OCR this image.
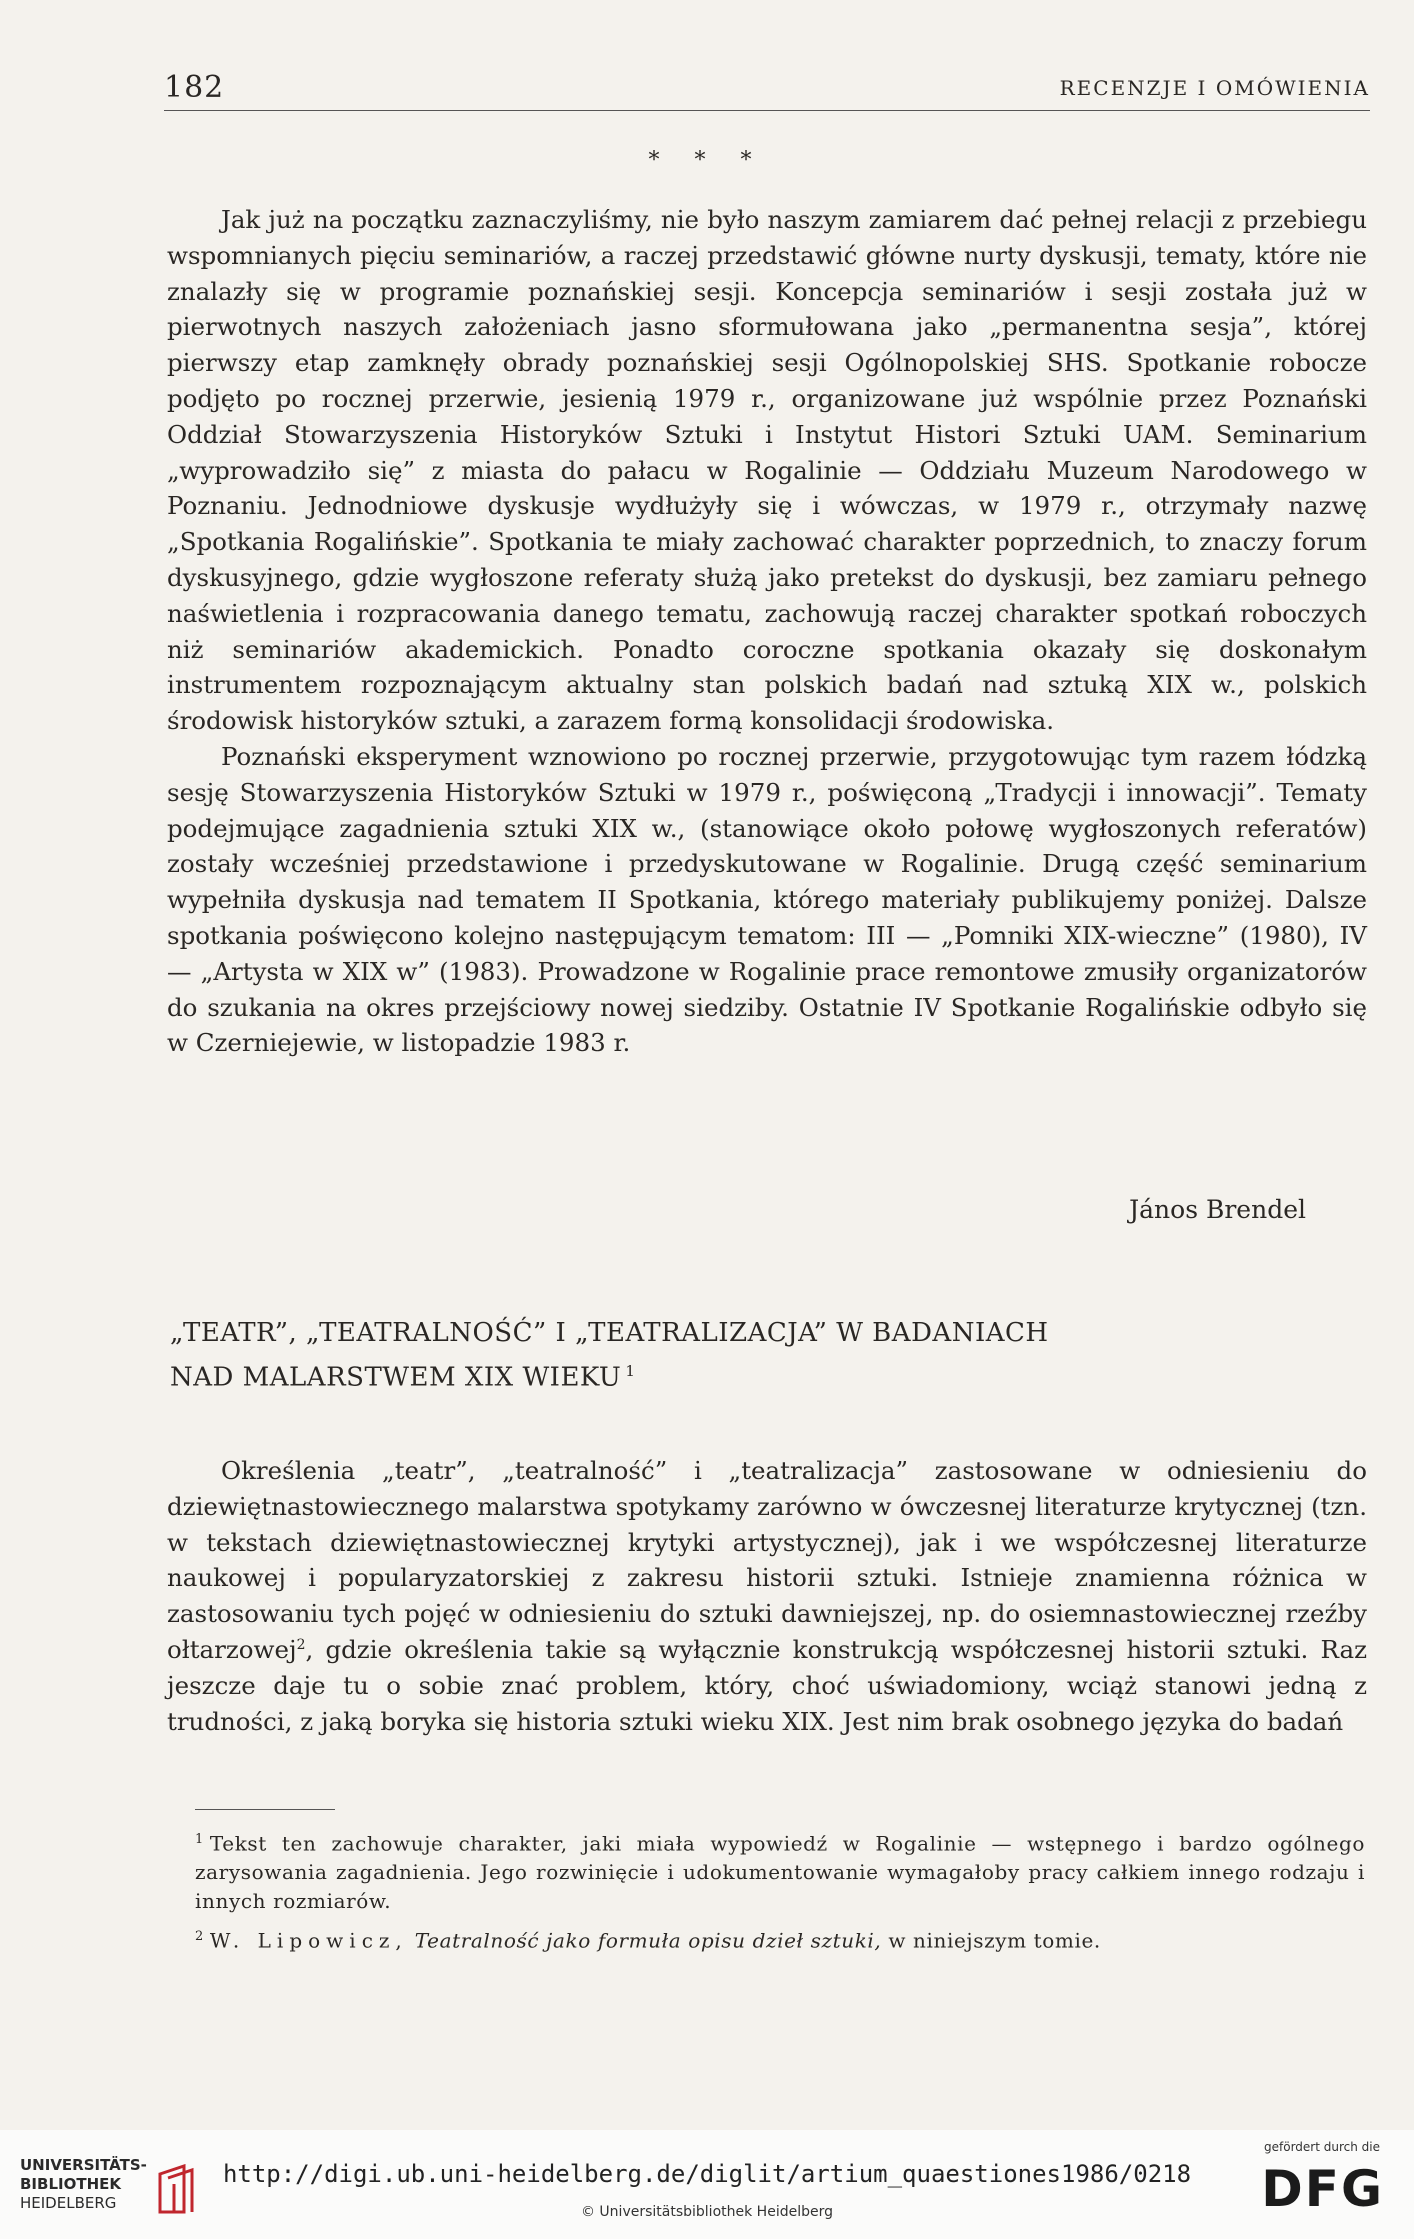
182	RECENZJE I OMÓWIENIA
* * *

Jak już na początku zaznaczyliśmy, nie było naszym zamiarem dać pełnej relacji z przebiegu wspomnianych pięciu seminariów, a raczej przedstawić główne nurty dyskusji, tematy, które nie znalazły się w programie poznańskiej sesji. Koncepcja seminariów i sesji została już w pierwotnych naszych założeniach jasno sformułowana jako „permanentna sesja”, której pierwszy etap zamknęły obrady poznańskiej sesji Ogólnopolskiej SHS. Spotkanie robocze podjęto po rocznej przerwie, jesienią 1979 r., organizowane już wspólnie przez Poznański Oddział Stowarzyszenia Historyków Sztuki i Instytut Histori Sztuki UAM. Seminarium „wyprowadziło się” z miasta do pałacu w Rogalinie — Oddziału Muzeum Narodowego w Poznaniu. Jednodniowe dyskusje wydłużyły się i wówczas, w 1979 r., otrzymały nazwę „Spotkania Rogalińskie”. Spotkania te miały zachować charakter poprzednich, to znaczy forum dyskusyjnego, gdzie wygłoszone referaty służą jako pretekst do dyskusji, bez zamiaru pełnego naświetlenia i rozpracowania danego tematu, zachowują raczej charakter spotkań roboczych niż seminariów akademickich. Ponadto coroczne spotkania okazały się doskonałym instrumentem rozpoznającym aktualny stan polskich badań nad sztuką XIX w., polskich środowisk historyków sztuki, a zarazem formą konsolidacji środowiska.

Poznański eksperyment wznowiono po rocznej przerwie, przygotowując tym razem łódzką sesję Stowarzyszenia Historyków Sztuki w 1979 r., poświęconą „Tradycji i innowacji”. Tematy podejmujące zagadnienia sztuki XIX w., (stanowiące około połowę wygłoszonych referatów) zostały wcześniej przedstawione i przedyskutowane w Rogalinie. Drugą część seminarium wypełniła dyskusja nad tematem II Spotkania, którego materiały publikujemy poniżej. Dalsze spotkania poświęcono kolejno następującym tematom: III — „Pomniki XIX-wieczne” (1980), IV — „Artysta w XIX w” (1983). Prowadzone w Rogalinie prace remontowe zmusiły organizatorów do szukania na okres przejściowy nowej siedziby. Ostatnie IV Spotkanie Rogalińskie odbyło się w Czerniejewie, w listopadzie 1983 r.

János Brendel
„TEATR”, „TEATRALNOŚĆ” I „TEATRALIZACJA” W BADANIACH
NAD MALARSTWEM XIX WIEKU $^1$

Określenia „teatr”, „teatralność” i „teatralizacja” zastosowane w odniesieniu do dziewiętnastowiecznego malarstwa spotykamy zarówno w ówczesnej literaturze krytycznej (tzn. w tekstach dziewiętnastowiecznej krytyki artystycznej), jak i we współczesnej literaturze naukowej i popularyzatorskiej z zakresu historii sztuki. Istnieje znamienna różnica w zastosowaniu tych pojęć w odniesieniu do sztuki dawniejszej, np. do osiemnastowiecznej rzeźby ołtarzowej$^2$, gdzie określenia takie są wyłącznie konstrukcją współczesnej historii sztuki. Raz jeszcze daje tu o sobie znać problem, który, choć uświadomiony, wciąż stanowi jedną z trudności, z jaką boryka się historia sztuki wieku XIX. Jest nim brak osobnego języka do badań

$^1$ Tekst ten zachowuje charakter, jaki miała wypowiedź w Rogalinie — wstępnego i bardzo ogólnego zarysowania zagadnienia. Jego rozwinięcie i udokumentowanie wymagałoby pracy całkiem innego rodzaju i innych rozmiarów.

$^2$ W. Lipowicz, Teatralność jako formuła opisu dzieł sztuki, w niniejszym tomie.

UNIVERSITÄTS-
BIBLIOTHEK
HEIDELBERG
http://digi.ub.uni-heidelberg.de/diglit/artium_quaestiones1986/0218
© Universitätsbibliothek Heidelberg
gefördert durch die
DFG
